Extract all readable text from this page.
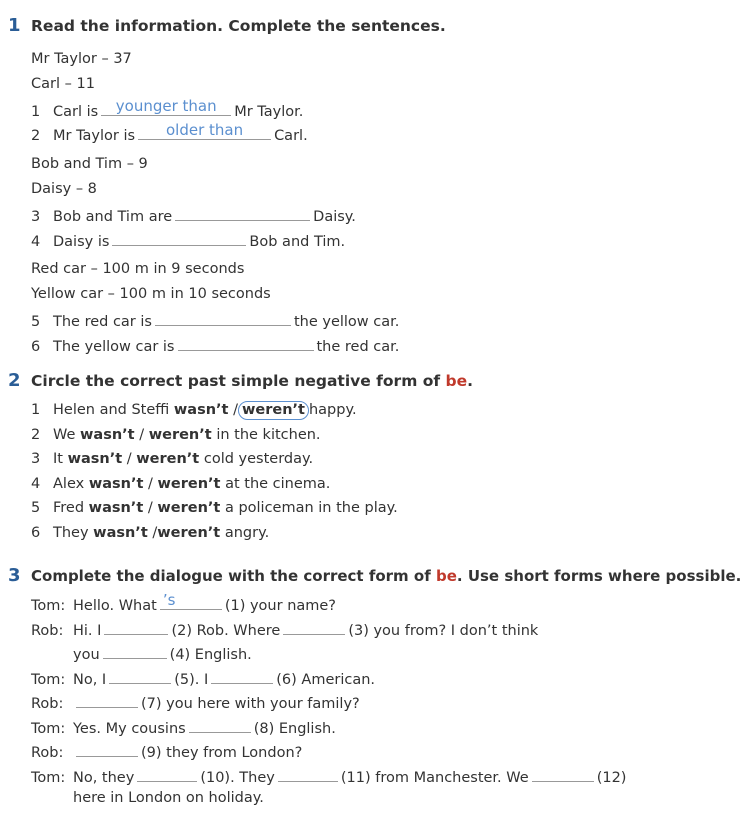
1 Read the information. Complete the sentences.
Mr Taylor – 37
Carl – 11
1 Carl is	younger than	Mr Taylor.
2 Mr Taylor is	older than	Carl.
Bob and Tim – 9
Daisy – 8
3 Bob and Tim are	Daisy.
4 Daisy is	Bob and Tim.
Red car – 100 m in 9 seconds
Yellow car – 100 m in 10 seconds
5 The red car is	the yellow car.
6 The yellow car is	the red car.
2 Circle the correct past simple negative form of be.
1 Helen and Steffi wasn’t / weren’t happy.
2 We wasn’t / weren’t in the kitchen.
3 It wasn’t / weren’t cold yesterday.
4 Alex wasn’t / weren’t at the cinema.
5 Fred wasn’t / weren’t a policeman in the play.
6 They wasn’t /weren’t angry.
3 Complete the dialogue with the correct form of be. Use short forms where possible.
Tom: Hello. What ’s	(1) your name?
Rob: Hi. I	(2) Rob. Where	(3) you from? I don’t think
you	(4) English.
Tom: No, I	(5). I	(6) American.
Rob:	(7) you here with your family?
Tom: Yes. My cousins	(8) English.
Rob:	(9) they from London?
Tom: No, they	(10). They	(11) from Manchester. We	(12)
here in London on holiday.
